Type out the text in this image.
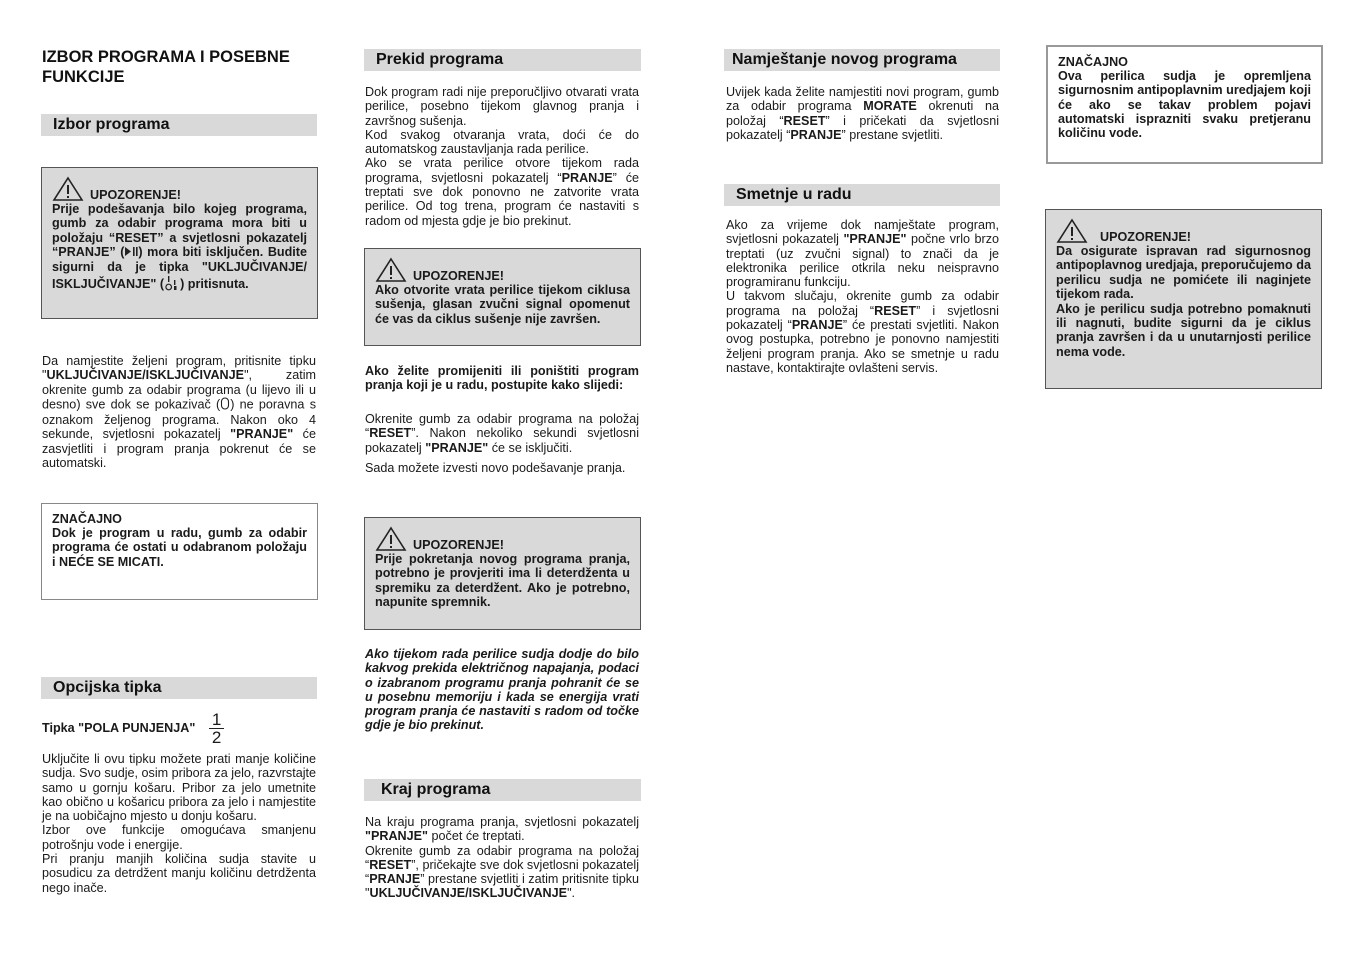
IZBOR PROGRAMA I POSEBNE FUNKCIJE
Izbor programa
UPOZORENJE!
Prije podešavanja bilo kojeg programa, gumb za odabir programa mora biti u položaju “RESET” a svjetlosni pokazatelj “PRANJE” ( ) mora biti isključen. Budite sigurni da je tipka "UKLJUČIVANJE/ ISKLJUČIVANJE" ( ) pritisnuta.

Da namjestite željeni program, pritisnite tipku "UKLJUČIVANJE/ISKLJUČIVANJE", zatim okrenite gumb za odabir programa (u lijevo ili u desno) sve dok se pokazivač ( ) ne poravna s oznakom željenog programa. Nakon oko 4 sekunde, svjetlosni pokazatelj "PRANJE" će zasvjetliti i program pranja pokrenut će se automatski.

ZNAČAJNO
Dok je program u radu, gumb za odabir programa će ostati u odabranom položaju i NEĆE SE MICATI.
Opcijska tipka
Tipka "POLA PUNJENJA" $\frac{1}{2}$

Uključite li ovu tipku možete prati manje količine sudja. Svo sudje, osim pribora za jelo, razvrstajte samo u gornju košaru. Pribor za jelo umetnite kao obično u košaricu pribora za jelo i namjestite je na uobičajno mjesto u donju košaru.

Izbor ove funkcije omogućava smanjenu potrošnju vode i energije.

Pri pranju manjih količina sudja stavite u posudicu za detrdžent manju količinu detrdženta nego inače.

Prekid programa

Dok program radi nije preporučljivo otvarati vrata perilice, posebno tijekom glavnog pranja i završnog sušenja.

Kod svakog otvaranja vrata, doći će do automatskog zaustavljanja rada perilice.

Ako se vrata perilice otvore tijekom rada programa, svjetlosni pokazatelj “PRANJE” će treptati sve dok ponovno ne zatvorite vrata perilice. Od tog trena, program će nastaviti s radom od mjesta gdje je bio prekinut.

UPOZORENJE!
Ako otvorite vrata perilice tijekom ciklusa sušenja, glasan zvučni signal opomenut će vas da ciklus sušenje nije završen.
Ako želite promijeniti ili poništiti program pranja koji je u radu, postupite kako slijedi:

Okrenite gumb za odabir programa na položaj “RESET”. Nakon nekoliko sekundi svjetlosni pokazatelj "PRANJE" će se isključiti.

Sada možete izvesti novo podešavanje pranja.

UPOZORENJE!
Prije pokretanja novog programa pranja, potrebno je provjeriti ima li deterdženta u spremiku za deterdžent. Ako je potrebno, napunite spremnik.
Ako tijekom rada perilice sudja dodje do bilo kakvog prekida električnog napajanja, podaci o izabranom programu pranja pohranit će se u posebnu memoriju i kada se energija vrati program pranja će nastaviti s radom od točke gdje je bio prekinut.
Kraj programa

Na kraju programa pranja, svjetlosni pokazatelj "PRANJE" počet će treptati.

Okrenite gumb za odabir programa na položaj “RESET”, pričekajte sve dok svjetlosni pokazatelj “PRANJE” prestane svjetliti i zatim pritisnite tipku "UKLJUČIVANJE/ISKLJUČIVANJE".

Namještanje novog programa

Uvijek kada želite namjestiti novi program, gumb za odabir programa MORATE okrenuti na položaj “RESET” i pričekati da svjetlosni pokazatelj “PRANJE” prestane svjetliti.

Smetnje u radu

Ako za vrijeme dok namještate program, svjetlosni pokazatelj "PRANJE" počne vrlo brzo treptati (uz zvučni signal) to znači da je elektronika perilice otkrila neku neispravno programiranu funkciju.

U takvom slučaju, okrenite gumb za odabir programa na položaj “RESET” i svjetlosni pokazatelj “PRANJE” će prestati svjetliti. Nakon ovog postupka, potrebno je ponovno namjestiti željeni program pranja. Ako se smetnje u radu nastave, kontaktirajte ovlašteni servis.

ZNAČAJNO
Ova perilica sudja je opremljena sigurnosnim antipoplavnim uredjajem koji će ako se takav problem pojavi automatski isprazniti svaku pretjeranu količinu vode.
UPOZORENJE!
Da osigurate ispravan rad sigurnosnog antipoplavnog uredjaja, preporučujemo da perilicu sudja ne pomićete ili naginjete tijekom rada.
Ako je perilicu sudja potrebno pomaknuti ili nagnuti, budite sigurni da je ciklus pranja završen i da u unutarnjosti perilice nema vode.
